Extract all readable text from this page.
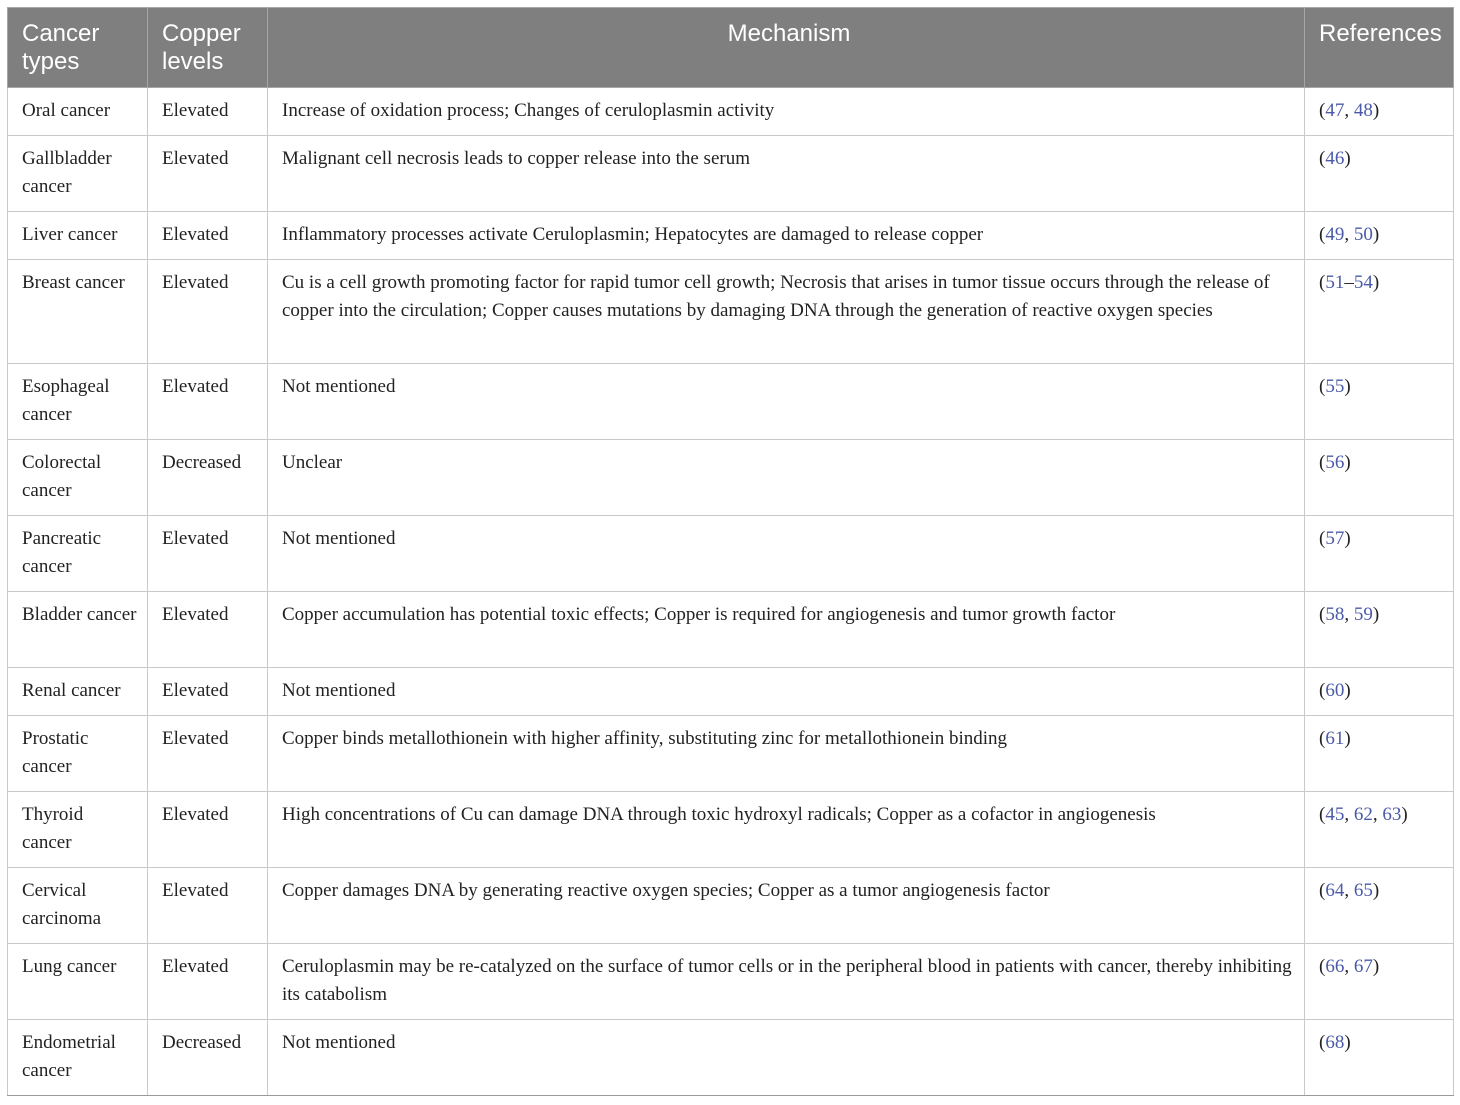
Cancer types	Copper levels	Mechanism	References
Oral cancer	Elevated	Increase of oxidation process; Changes of ceruloplasmin activity	(47, 48)
Gallbladder cancer	Elevated	Malignant cell necrosis leads to copper release into the serum	(46)
Liver cancer	Elevated	Inflammatory processes activate Ceruloplasmin; Hepatocytes are damaged to release copper	(49, 50)
Breast cancer	Elevated	Cu is a cell growth promoting factor for rapid tumor cell growth; Necrosis that arises in tumor tissue occurs through the release of copper into the circulation; Copper causes mutations by damaging DNA through the generation of reactive oxygen species	(51–54)
Esophageal cancer	Elevated	Not mentioned	(55)
Colorectal cancer	Decreased	Unclear	(56)
Pancreatic cancer	Elevated	Not mentioned	(57)
Bladder cancer	Elevated	Copper accumulation has potential toxic effects; Copper is required for angiogenesis and tumor growth factor	(58, 59)
Renal cancer	Elevated	Not mentioned	(60)
Prostatic cancer	Elevated	Copper binds metallothionein with higher affinity, substituting zinc for metallothionein binding	(61)
Thyroid cancer	Elevated	High concentrations of Cu can damage DNA through toxic hydroxyl radicals; Copper as a cofactor in angiogenesis	(45, 62, 63)
Cervical carcinoma	Elevated	Copper damages DNA by generating reactive oxygen species; Copper as a tumor angiogenesis factor	(64, 65)
Lung cancer	Elevated	Ceruloplasmin may be re-catalyzed on the surface of tumor cells or in the peripheral blood in patients with cancer, thereby inhibiting its catabolism	(66, 67)
Endometrial cancer	Decreased	Not mentioned	(68)
